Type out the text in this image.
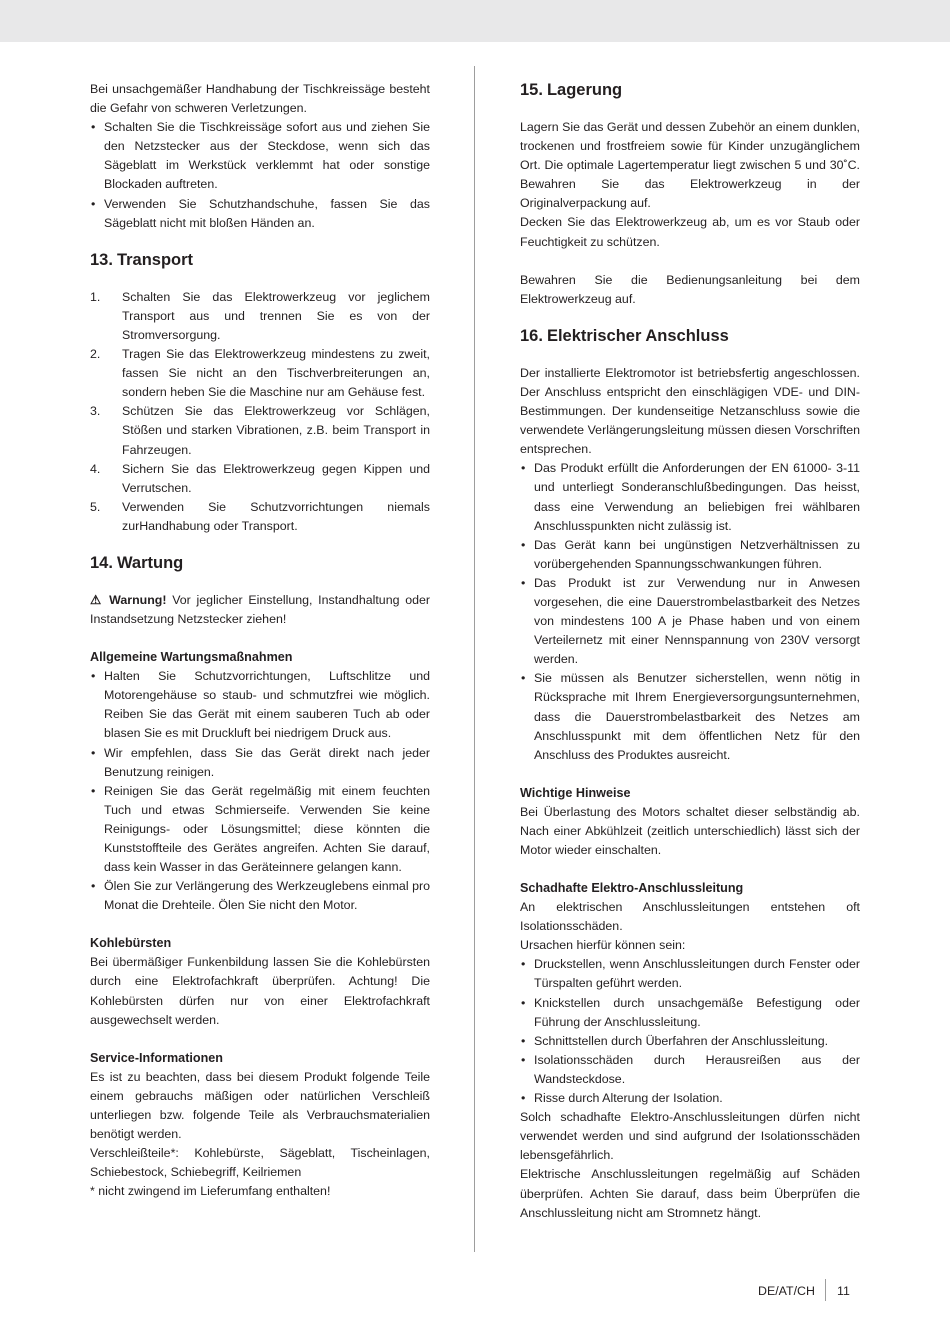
Bei unsachgemäßer Handhabung der Tischkreissäge besteht die Gefahr von schweren Verletzungen.

• Schalten Sie die Tischkreissäge sofort aus und ziehen Sie den Netzstecker aus der Steckdose, wenn sich das Sägeblatt im Werkstück verklemmt hat oder sonstige Blockaden auftreten.
• Verwenden Sie Schutzhandschuhe, fassen Sie das Sägeblatt nicht mit bloßen Händen an.
13. Transport
1. Schalten Sie das Elektrowerkzeug vor jeglichem Transport aus und trennen Sie es von der Stromversorgung.
2. Tragen Sie das Elektrowerkzeug mindestens zu zweit, fassen Sie nicht an den Tischverbreiterungen an, sondern heben Sie die Maschine nur am Gehäuse fest.
3. Schützen Sie das Elektrowerkzeug vor Schlägen, Stößen und starken Vibrationen, z.B. beim Transport in Fahrzeugen.
4. Sichern Sie das Elektrowerkzeug gegen Kippen und Verrutschen.
5. Verwenden Sie Schutzvorrichtungen niemals zurHandhabung oder Transport.
14. Wartung

⚠ Warnung! Vor jeglicher Einstellung, Instandhaltung oder Instandsetzung Netzstecker ziehen!

Allgemeine Wartungsmaßnahmen
• Halten Sie Schutzvorrichtungen, Luftschlitze und Motorengehäuse so staub- und schmutzfrei wie möglich. Reiben Sie das Gerät mit einem sauberen Tuch ab oder blasen Sie es mit Druckluft bei niedrigem Druck aus.
• Wir empfehlen, dass Sie das Gerät direkt nach jeder Benutzung reinigen.
• Reinigen Sie das Gerät regelmäßig mit einem feuchten Tuch und etwas Schmierseife. Verwenden Sie keine Reinigungs- oder Lösungsmittel; diese könnten die Kunststoffteile des Gerätes angreifen. Achten Sie darauf, dass kein Wasser in das Geräteinnere gelangen kann.
• Ölen Sie zur Verlängerung des Werkzeuglebens einmal pro Monat die Drehteile. Ölen Sie nicht den Motor.
Kohlebürsten

Bei übermäßiger Funkenbildung lassen Sie die Kohlebürsten durch eine Elektrofachkraft überprüfen. Achtung! Die Kohlebürsten dürfen nur von einer Elektrofachkraft ausgewechselt werden.

Service-Informationen

Es ist zu beachten, dass bei diesem Produkt folgende Teile einem gebrauchs mäßigen oder natürlichen Verschleiß unterliegen bzw. folgende Teile als Verbrauchsmaterialien benötigt werden.

Verschleißteile*: Kohlebürste, Sägeblatt, Tischeinlagen, Schiebestock, Schiebegriff, Keilriemen

* nicht zwingend im Lieferumfang enthalten!

15. Lagerung

Lagern Sie das Gerät und dessen Zubehör an einem dunklen, trockenen und frostfreiem sowie für Kinder unzugänglichem Ort. Die optimale Lagertemperatur liegt zwischen 5 und 30˚C. Bewahren Sie das Elektrowerkzeug in der Originalverpackung auf.

Decken Sie das Elektrowerkzeug ab, um es vor Staub oder Feuchtigkeit zu schützen.

Bewahren Sie die Bedienungsanleitung bei dem Elektrowerkzeug auf.

16. Elektrischer Anschluss

Der installierte Elektromotor ist betriebsfertig angeschlossen. Der Anschluss entspricht den einschlägigen VDE- und DIN-Bestimmungen. Der kundenseitige Netzanschluss sowie die verwendete Verlängerungsleitung müssen diesen Vorschriften entsprechen.

• Das Produkt erfüllt die Anforderungen der EN 61000- 3-11 und unterliegt Sonderanschlußbedingungen. Das heisst, dass eine Verwendung an beliebigen frei wählbaren Anschlusspunkten nicht zulässig ist.
• Das Gerät kann bei ungünstigen Netzverhältnissen zu vorübergehenden Spannungsschwankungen führen.
• Das Produkt ist zur Verwendung nur in Anwesen vorgesehen, die eine Dauerstrombelastbarkeit des Netzes von mindestens 100 A je Phase haben und von einem Verteilernetz mit einer Nennspannung von 230V versorgt werden.
• Sie müssen als Benutzer sicherstellen, wenn nötig in Rücksprache mit Ihrem Energieversorgungsunternehmen, dass die Dauerstrombelastbarkeit des Netzes am Anschlusspunkt mit dem öffentlichen Netz für den Anschluss des Produktes ausreicht.
Wichtige Hinweise

Bei Überlastung des Motors schaltet dieser selbständig ab. Nach einer Abkühlzeit (zeitlich unterschiedlich) lässt sich der Motor wieder einschalten.

Schadhafte Elektro-Anschlussleitung

An elektrischen Anschlussleitungen entstehen oft Isolationsschäden.

Ursachen hierfür können sein:

• Druckstellen, wenn Anschlussleitungen durch Fenster oder Türspalten geführt werden.
• Knickstellen durch unsachgemäße Befestigung oder Führung der Anschlussleitung.
• Schnittstellen durch Überfahren der Anschlussleitung.
• Isolationsschäden durch Herausreißen aus der Wandsteckdose.
• Risse durch Alterung der Isolation.

Solch schadhafte Elektro-Anschlussleitungen dürfen nicht verwendet werden und sind aufgrund der Isolationsschäden lebensgefährlich.

Elektrische Anschlussleitungen regelmäßig auf Schäden überprüfen. Achten Sie darauf, dass beim Überprüfen die Anschlussleitung nicht am Stromnetz hängt.

DE/AT/CH 11
